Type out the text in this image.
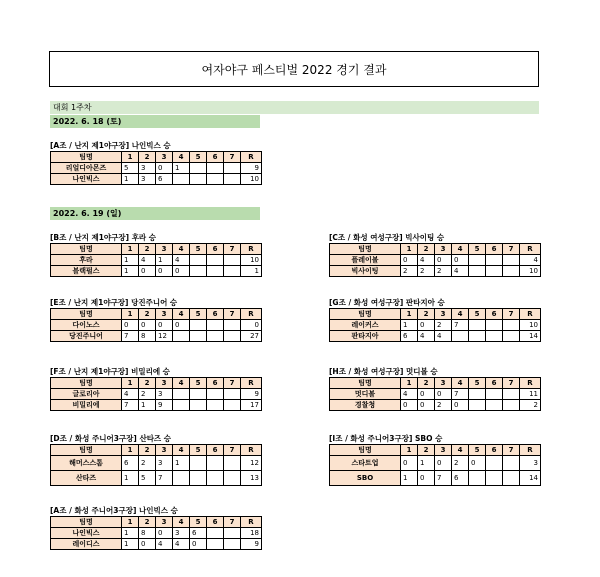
여자야구 페스티벌 2022 경기 결과
대회 1주차
2022. 6. 18 (토)
2022. 6. 19 (일)
[A조 / 난지 제1야구장] 나인빅스 승
팀명	1	2	3	4	5	6	7	R
리얼디아몬즈	5	3	0	1				9
나인빅스	1	3	6					10
[B조 / 난지 제1야구장] 후라 승
팀명	1	2	3	4	5	6	7	R
후라	1	4	1	4				10
블랙펄스	1	0	0	0				1
[C조 / 화성 여성구장] 빅사이팅 승
팀명	1	2	3	4	5	6	7	R
플레이볼	0	4	0	0				4
빅사이팅	2	2	2	4				10
[E조 / 난지 제1야구장] 당진주니어 승
팀명	1	2	3	4	5	6	7	R
다이노스	0	0	0	0				0
당진주니어	7	8	12					27
[G조 / 화성 여성구장] 판타지아 승
팀명	1	2	3	4	5	6	7	R
레이커스	1	0	2	7				10
판타지아	6	4	4					14
[F조 / 난지 제1야구장] 비밀리에 승
팀명	1	2	3	4	5	6	7	R
글로리아	4	2	3					9
비밀리에	7	1	9					17
[H조 / 화성 여성구장] 멋디볼 승
팀명	1	2	3	4	5	6	7	R
멋디볼	4	0	0	7				11
경찰청	0	0	2	0				2
[D조 / 화성 주니어3구장] 산타즈 승
팀명	1	2	3	4	5	6	7	R
해머스스톰	6	2	3	1				12
산타즈	1	5	7					13
[I조 / 화성 주니어3구장] SBO 승
팀명	1	2	3	4	5	6	7	R
스타트업	0	1	0	2	0			3
SBO	1	0	7	6				14
[A조 / 화성 주니어3구장] 나인빅스 승
팀명	1	2	3	4	5	6	7	R
나인빅스	1	8	0	3	6			18
레이디스	1	0	4	4	0			9
